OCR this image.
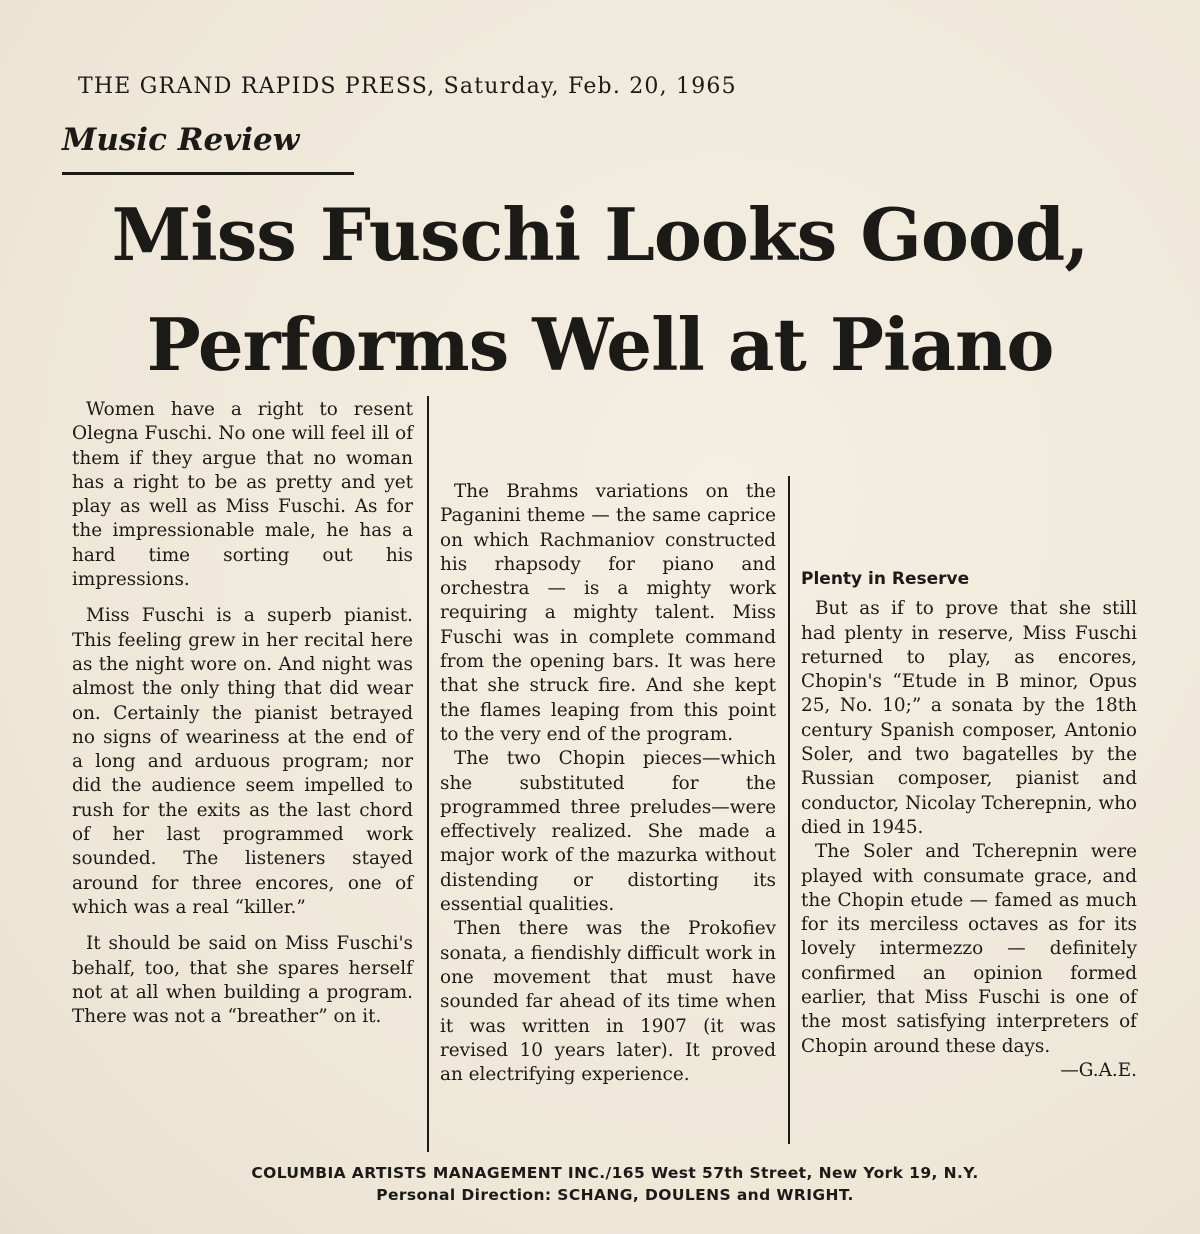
THE GRAND RAPIDS PRESS, Saturday, Feb. 20, 1965
Music Review
Miss Fuschi Looks Good,
Performs Well at Piano

Women have a right to resent Olegna Fuschi. No one will feel ill of them if they argue that no woman has a right to be as pretty and yet play as well as Miss Fuschi. As for the impressionable male, he has a hard time sorting out his impressions.

Miss Fuschi is a superb pianist. This feeling grew in her recital here as the night wore on. And night was almost the only thing that did wear on. Certainly the pianist betrayed no signs of weariness at the end of a long and arduous program; nor did the audience seem impelled to rush for the exits as the last chord of her last programmed work sounded. The listeners stayed around for three encores, one of which was a real “killer.”

It should be said on Miss Fuschi's behalf, too, that she spares herself not at all when building a program. There was not a “breather” on it.

The Brahms variations on the Paganini theme — the same caprice on which Rachmaniov constructed his rhapsody for piano and orchestra — is a mighty work requiring a mighty talent. Miss Fuschi was in complete command from the opening bars. It was here that she struck fire. And she kept the flames leaping from this point to the very end of the program.

The two Chopin pieces—which she substituted for the programmed three preludes—were effectively realized. She made a major work of the mazurka without distending or distorting its essential qualities.

Then there was the Prokofiev sonata, a fiendishly difficult work in one movement that must have sounded far ahead of its time when it was written in 1907 (it was revised 10 years later). It proved an electrifying experience.

Plenty in Reserve

But as if to prove that she still had plenty in reserve, Miss Fuschi returned to play, as encores, Chopin's “Etude in B minor, Opus 25, No. 10;” a sonata by the 18th century Spanish composer, Antonio Soler, and two bagatelles by the Russian composer, pianist and conductor, Nicolay Tcherepnin, who died in 1945.

The Soler and Tcherepnin were played with consumate grace, and the Chopin etude — famed as much for its merciless octaves as for its lovely intermezzo — definitely confirmed an opinion formed earlier, that Miss Fuschi is one of the most satisfying interpreters of Chopin around these days.

—G.A.E.

COLUMBIA ARTISTS MANAGEMENT INC./165 West 57th Street, New York 19, N.Y.
Personal Direction: SCHANG, DOULENS and WRIGHT.
